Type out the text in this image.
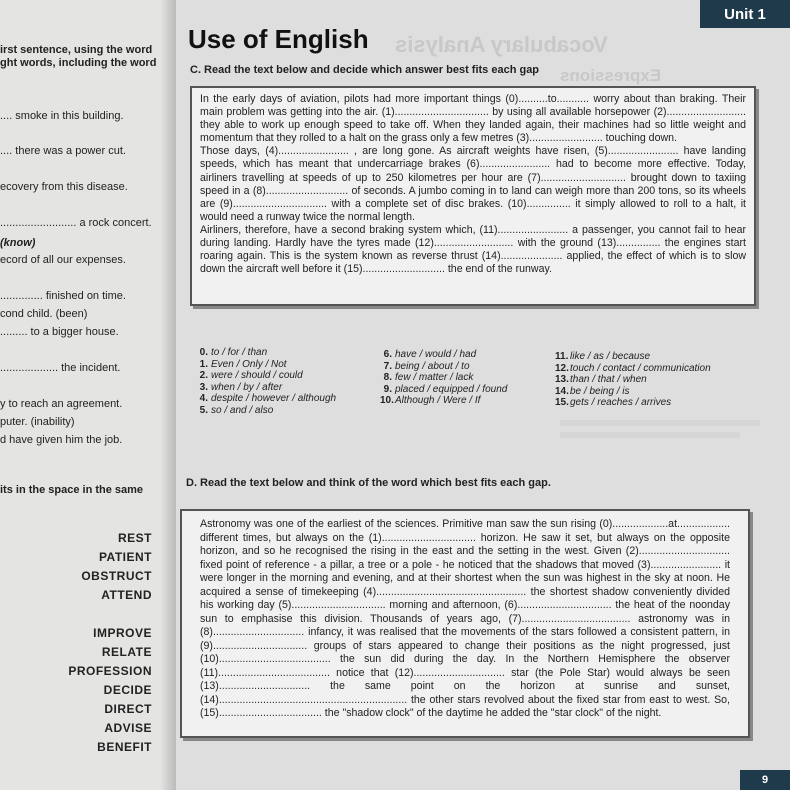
irst sentence, using the word
ght words, including the word
.... smoke in this building.
.... there was a power cut.
ecovery from this disease.
......................... a rock concert.
(know)
ecord of all our expenses.
.............. finished on time.
cond child. (been)
......... to a bigger house.
................... the incident.
y to reach an agreement.
puter. (inability)
d have given him the job.
its in the space in the same
REST
PATIENT
OBSTRUCT
ATTEND
IMPROVE
RELATE
PROFESSION
DECIDE
DIRECT
ADVISE
BENEFIT
Vocabulary Analysis
Expressions
Unit 1
Use of English
C. Read the text below and decide which answer best fits each gap

In the early days of aviation, pilots had more important things (0)..........to........... worry about than braking. Their main problem was getting into the air. (1)................................ by using all available horsepower (2)........................... they able to work up enough speed to take off. When they landed again, their machines had so little weight and momentum that they rolled to a halt on the grass only a few metres (3)......................... touching down.

Those days, (4)........................ , are long gone. As aircraft weights have risen, (5)........................ have landing speeds, which has meant that undercarriage brakes (6)........................ had to become more effective. Today, airliners travelling at speeds of up to 250 kilometres per hour are (7)............................. brought down to taxiing speed in a (8)............................ of seconds. A jumbo coming in to land can weigh more than 200 tons, so its wheels are (9)................................ with a complete set of disc brakes. (10)............... it simply allowed to roll to a halt, it would need a runway twice the normal length.

Airliners, therefore, have a second braking system which, (11)........................ a passenger, you cannot fail to hear during landing. Hardly have the tyres made (12)........................... with the ground (13)............... the engines start roaring again. This is the system known as reverse thrust (14)..................... applied, the effect of which is to slow down the aircraft well before it (15)............................ the end of the runway.

0. to / for / than
1. Even / Only / Not
2. were / should / could
3. when / by / after
4. despite / however / although
5. so / and / also
6. have / would / had
7. being / about / to
8. few / matter / lack
9. placed / equipped / found
10.Although / Were / If
11. like / as / because
12.touch / contact / communication
13.than / that / when
14.be / being / is
15.gets / reaches / arrives
D. Read the text below and think of the word which best fits each gap.

Astronomy was one of the earliest of the sciences. Primitive man saw the sun rising (0)...................at.................. different times, but always on the (1)................................ horizon. He saw it set, but always on the opposite horizon, and so he recognised the rising in the east and the setting in the west. Given (2)............................... fixed point of reference - a pillar, a tree or a pole - he noticed that the shadows that moved (3)........................ it were longer in the morning and evening, and at their shortest when the sun was highest in the sky at noon. He acquired a sense of timekeeping (4)................................................... the shortest shadow conveniently divided his working day (5)................................ morning and afternoon, (6)................................ the heat of the noonday sun to emphasise this division. Thousands of years ago, (7)..................................... astronomy was in (8)............................... infancy, it was realised that the movements of the stars followed a consistent pattern, in (9)................................ groups of stars appeared to change their positions as the night progressed, just (10)...................................... the sun did during the day. In the Northern Hemisphere the observer (11)...................................... notice that (12)............................... star (the Pole Star) would always be seen (13)............................... the same point on the horizon at sunrise and sunset, (14)................................................................ the other stars revolved about the fixed star from east to west. So, (15)................................... the "shadow clock" of the daytime he added the "star clock" of the night.

9
